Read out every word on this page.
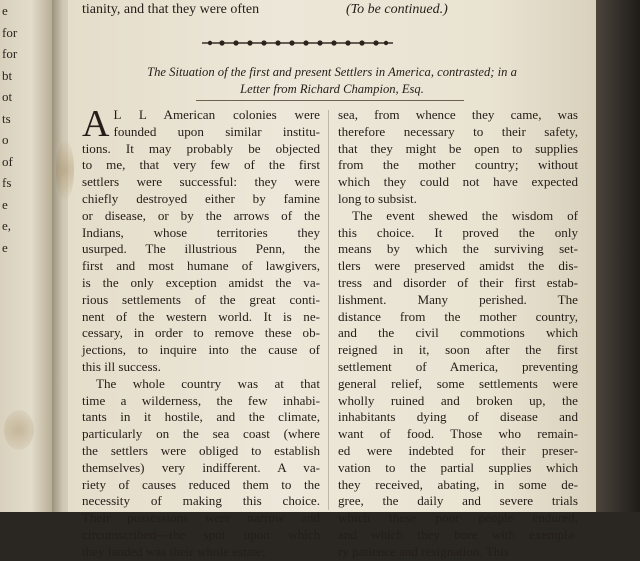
e
for
for
bt
ot
ts
o
of
fs
e
e,
e
tianity, and that they were often	(To be continued.)
The Situation of the first and present Settlers in America, contrasted; in a
Letter from Richard Champion, Esq.
A L L American colonies were
founded upon similar institu-
tions. It may probably be objected
to me, that very few of the first
settlers were successful: they were
chiefly destroyed either by famine
or disease, or by the arrows of the
Indians, whose territories they
usurped. The illustrious Penn, the
first and most humane of lawgivers,
is the only exception amidst the va-
rious settlements of the great conti-
nent of the western world. It is ne-
cessary, in order to remove these ob-
jections, to inquire into the cause of
this ill success.
The whole country was at that
time a wilderness, the few inhabi-
tants in it hostile, and the climate,
particularly on the sea coast (where
the settlers were obliged to establish
themselves) very indifferent. A va-
riety of causes reduced them to the
necessity of making this choice.
Their possessions were narrow and
circumscribed—the spot upon which
they landed was their whole estate;
sea, from whence they came, was
therefore necessary to their safety,
that they might be open to supplies
from the mother country; without
which they could not have expected
long to subsist.
The event shewed the wisdom of
this choice. It proved the only
means by which the surviving set-
tlers were preserved amidst the dis-
tress and disorder of their first estab-
lishment. Many perished. The
distance from the mother country,
and the civil commotions which
reigned in it, soon after the first
settlement of America, preventing
general relief, some settlements were
wholly ruined and broken up, the
inhabitants dying of disease and
want of food. Those who remain-
ed were indebted for their preser-
vation to the partial supplies which
they received, abating, in some de-
gree, the daily and severe trials
which these poor people endured,
and which they bore with exempla-
ry patience and resignation. This
